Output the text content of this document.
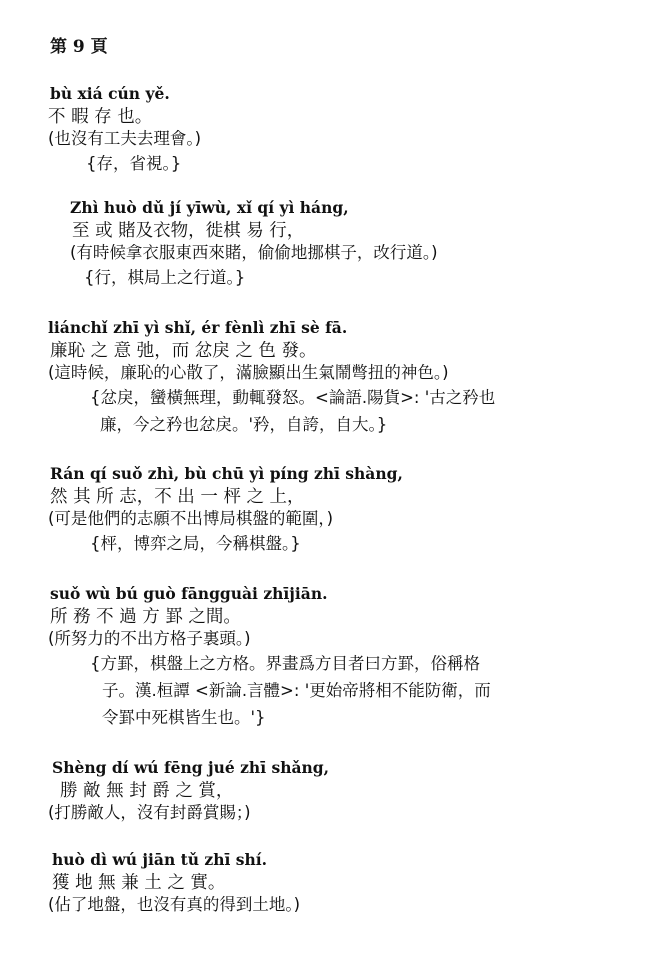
第 9 頁
bù xiá cún yě.
不 暇 存 也。
(也沒有工夫去理會。)
{存，省視。}
Zhì huò dǔ jí yīwù, xǐ qí yì háng,
至 或 賭及衣物，徙棋 易 行，
(有時候拿衣服東西來賭，偷偷地挪棋子，改行道。)
{行，棋局上之行道。}
liánchǐ zhī yì shǐ, ér fènlì zhī sè fā.
廉恥 之 意 弛，而 忿戾 之 色 發。
(這時候，廉恥的心散了，滿臉顯出生氣鬧彆扭的神色。)
{忿戾，蠻橫無理，動輒發怒。<論語.陽貨>: '古之矜也
廉，今之矜也忿戾。'矜，自誇，自大。}
Rán qí suǒ zhì, bù chū yì píng zhī shàng,
然 其 所 志，不 出 一 枰 之 上，
(可是他們的志願不出博局棋盤的範圍，)
{枰，博弈之局，今稱棋盤。}
suǒ wù bú guò fāngguài zhījiān.
所 務 不 過 方 罫 之間。
(所努力的不出方格子裏頭。)
{方罫，棋盤上之方格。界畫爲方目者曰方罫，俗稱格
子。漢.桓譚 <新論.言體>: '更始帝將相不能防衛，而
令罫中死棋皆生也。'}
Shèng dí wú fēng jué zhī shǎng,
勝 敵 無 封 爵 之 賞，
(打勝敵人，沒有封爵賞賜；)
huò dì wú jiān tǔ zhī shí.
獲 地 無 兼 土 之 實。
(佔了地盤，也沒有真的得到土地。)
